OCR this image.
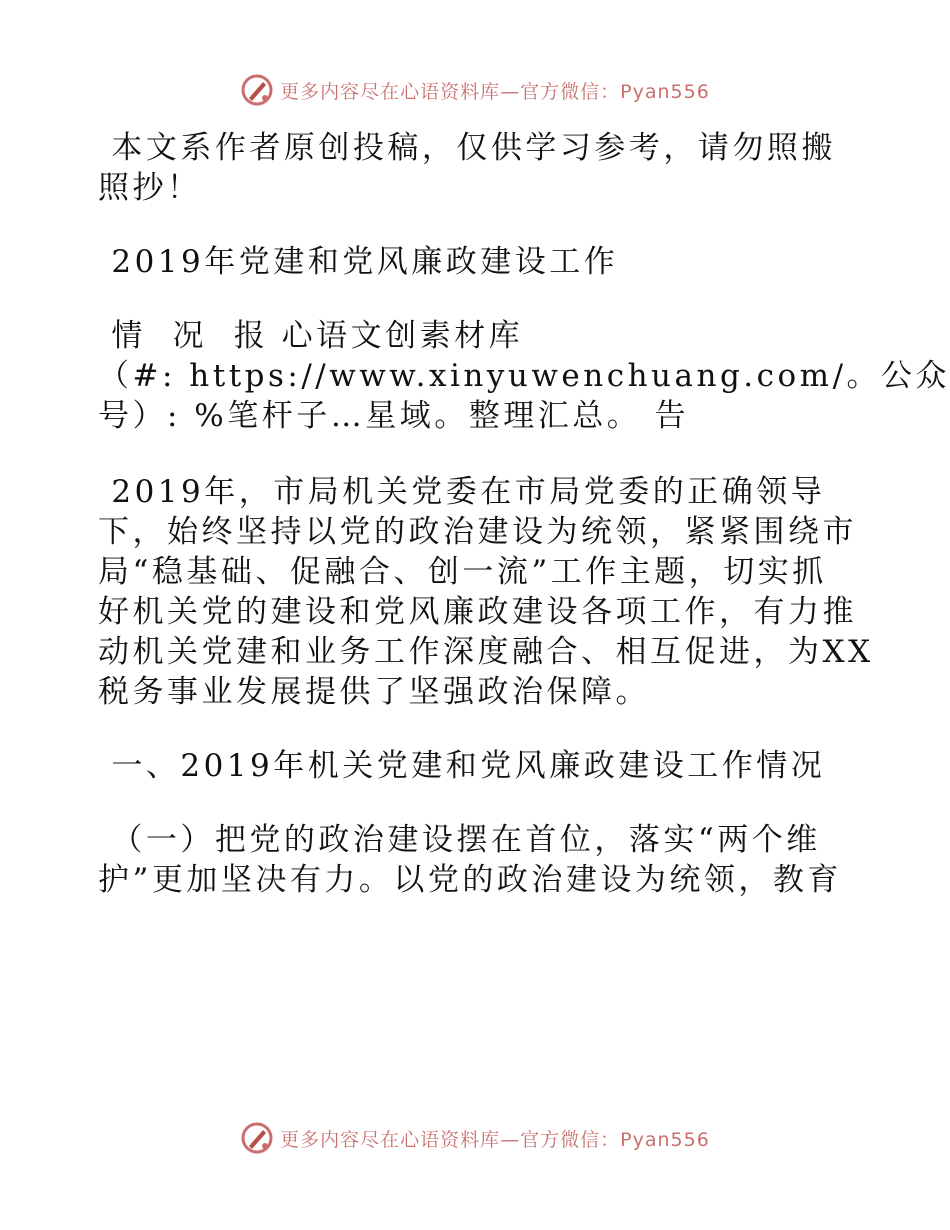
更多内容尽在心语资料库—官方微信：Pyan556

本文系作者原创投稿，仅供学习参考，请勿照搬
照抄！

2019年党建和党风廉政建设工作

情  况  报 心语文创素材库
（#: https://www.xinyuwenchuang.com/。公众
号）: %笔杆子…星域。整理汇总。 告

2019年，市局机关党委在市局党委的正确领导
下，始终坚持以党的政治建设为统领，紧紧围绕市
局“稳基础、促融合、创一流”工作主题，切实抓
好机关党的建设和党风廉政建设各项工作，有力推
动机关党建和业务工作深度融合、相互促进，为XX
税务事业发展提供了坚强政治保障。

一、2019年机关党建和党风廉政建设工作情况

（一）把党的政治建设摆在首位，落实“两个维
护”更加坚决有力。以党的政治建设为统领，教育

更多内容尽在心语资料库—官方微信：Pyan556
